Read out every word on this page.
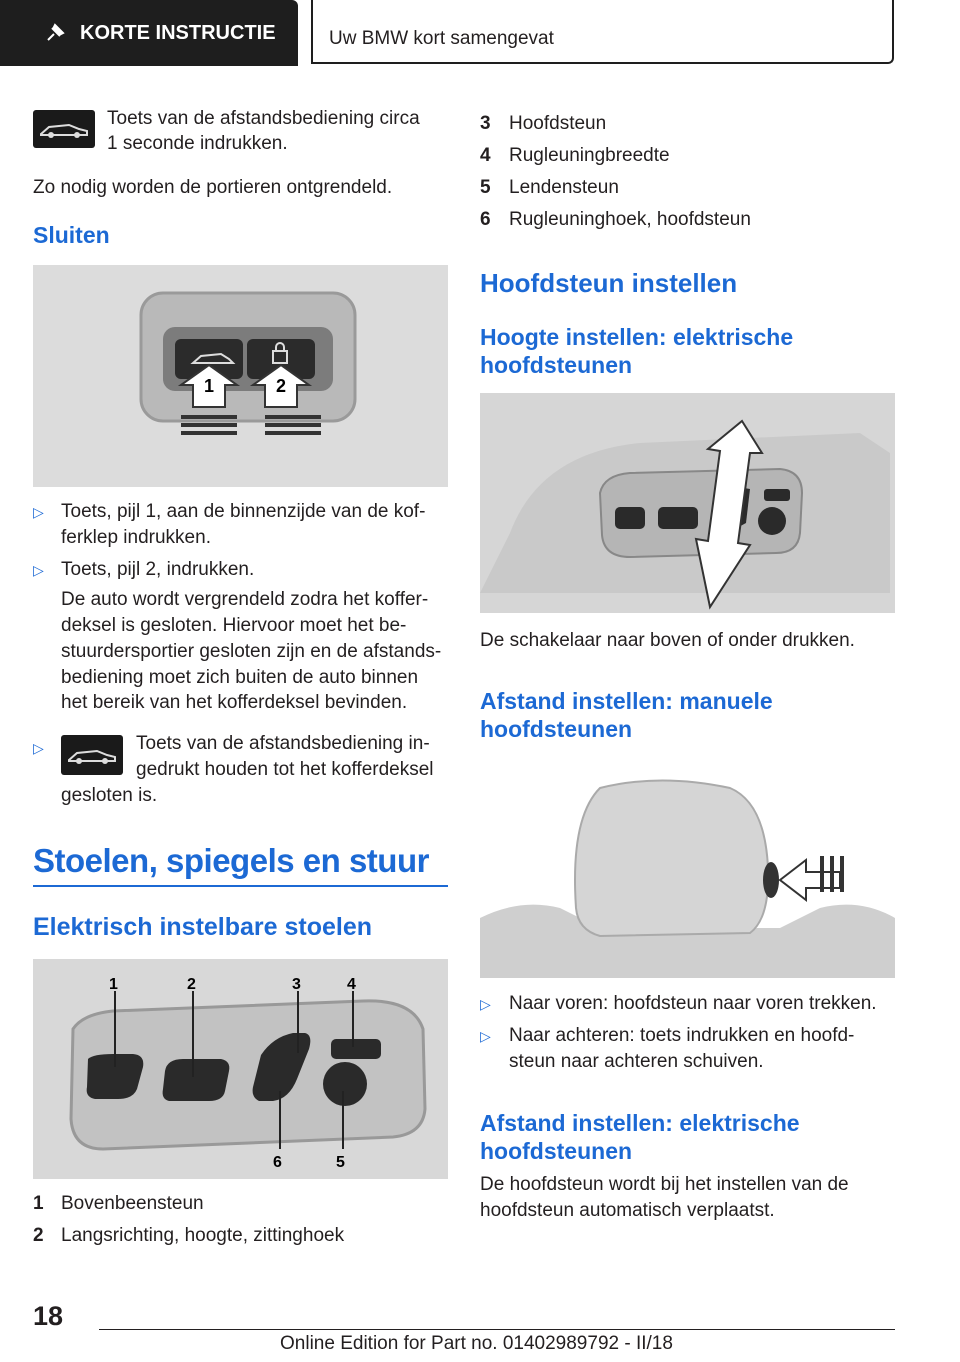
KORTE INSTRUCTIE	Uw BMW kort samengevat

Toets van de afstandsbediening circa

1 seconde indrukken.

Zo nodig worden de portieren ontgrendeld.

Sluiten
1	2
▷ Toets, pijl 1, aan de binnenzijde van de kof-

ferklep indrukken.

▷ Toets, pijl 2, indrukken.

De auto wordt vergrendeld zodra het koffer-

deksel is gesloten. Hiervoor moet het be-

stuurdersportier gesloten zijn en de afstands-

bediening moet zich buiten de auto binnen

het bereik van het kofferdeksel bevinden.

▷	Toets van de afstandsbediening in-

gedrukt houden tot het kofferdeksel

gesloten is.

Stoelen, spiegels en stuur
Elektrisch instelbare stoelen
1	2	3	4
6	5
1 Bovenbeensteun

2 Langsrichting, hoogte, zittinghoek

3 Hoofdsteun

4 Rugleuningbreedte

5 Lendensteun

6 Rugleuninghoek, hoofdsteun

Hoofdsteun instellen
Hoogte instellen: elektrische
hoofdsteunen

De schakelaar naar boven of onder drukken.

Afstand instellen: manuele
hoofdsteunen
▷ Naar voren: hoofdsteun naar voren trekken.

▷ Naar achteren: toets indrukken en hoofd-

steun naar achteren schuiven.

Afstand instellen: elektrische
hoofdsteunen

De hoofdsteun wordt bij het instellen van de

hoofdsteun automatisch verplaatst.

18
Online Edition for Part no. 01402989792 - II/18
